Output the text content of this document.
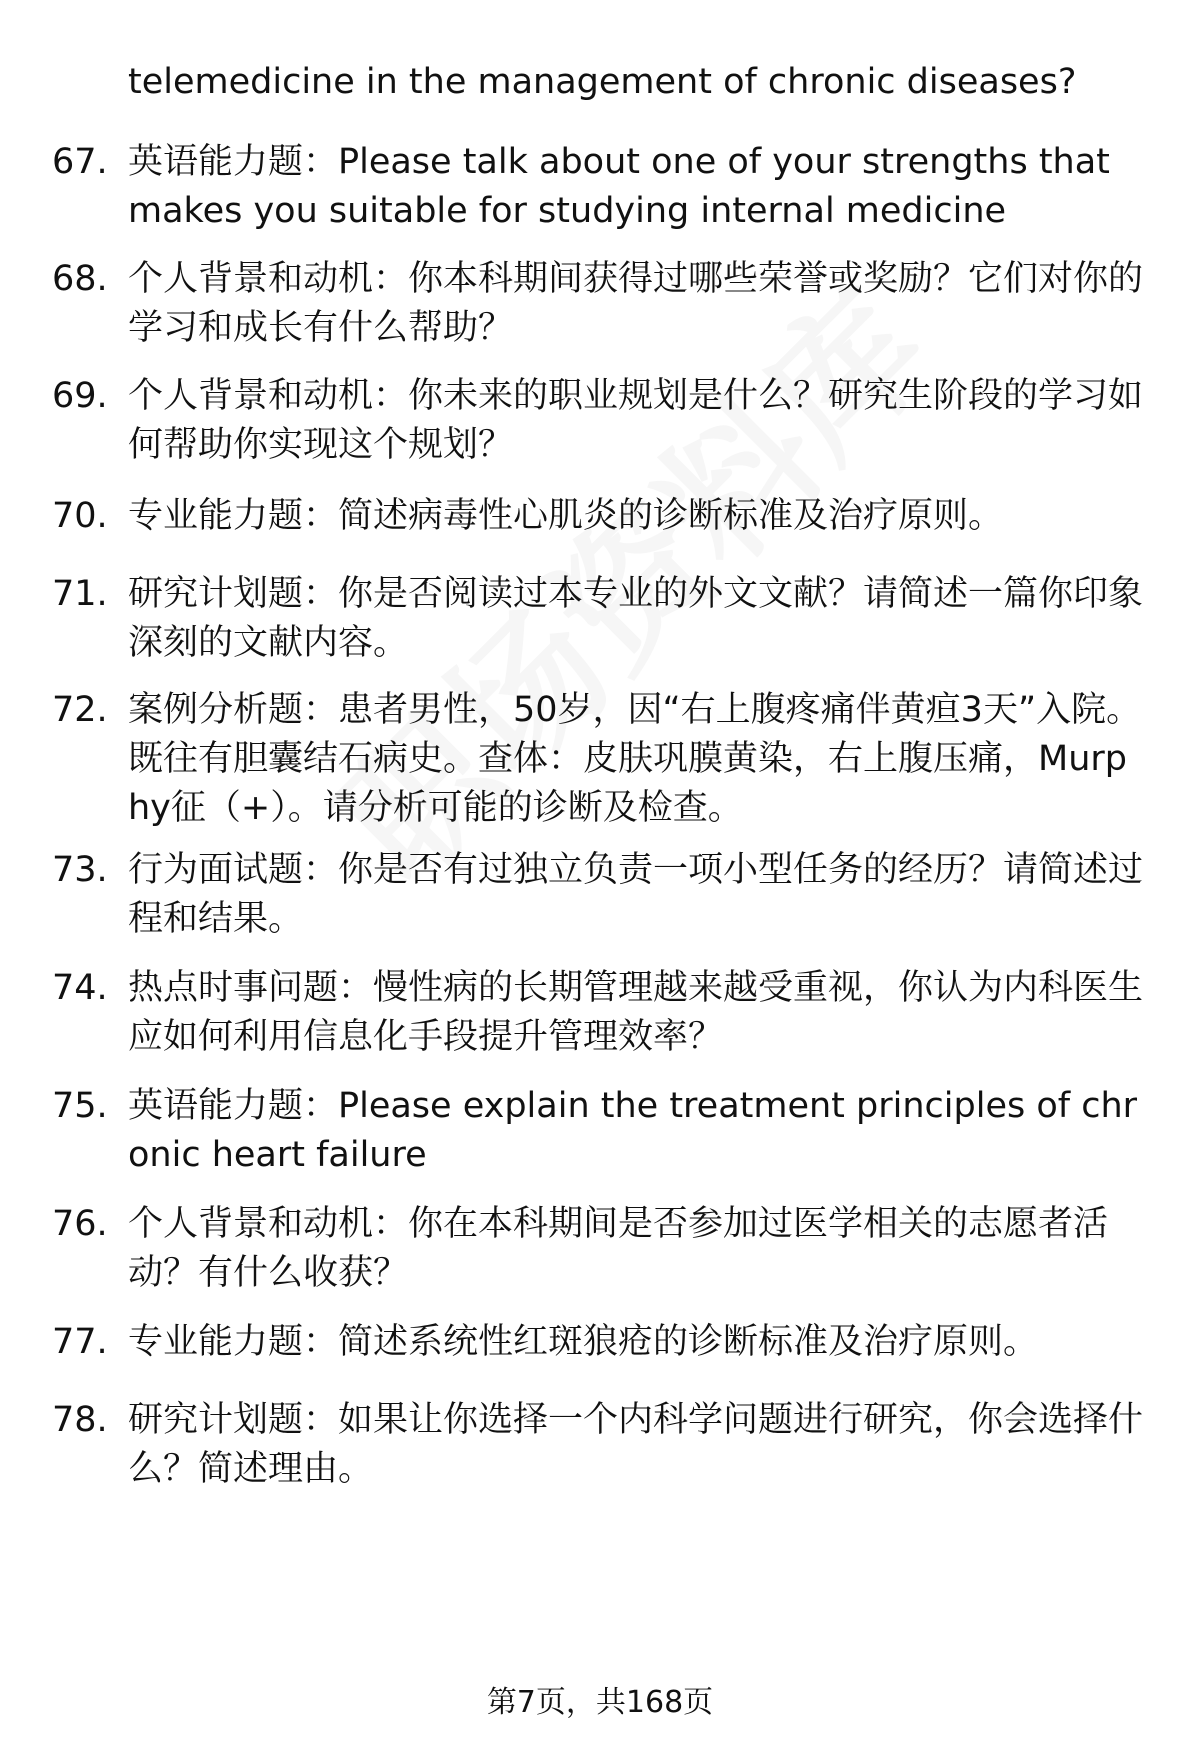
telemedicine in the management of chronic diseases?
67. 英语能力题：Please talk about one of your strengths that makes you suitable for studying internal medicine
68. 个人背景和动机：你本科期间获得过哪些荣誉或奖励？它们对你的学习和成长有什么帮助？
69. 个人背景和动机：你未来的职业规划是什么？研究生阶段的学习如何帮助你实现这个规划？
70. 专业能力题：简述病毒性心肌炎的诊断标准及治疗原则。
71. 研究计划题：你是否阅读过本专业的外文文献？请简述一篇你印象深刻的文献内容。
72. 案例分析题：患者男性，50岁，因“右上腹疼痛伴黄疸3天”入院。既往有胆囊结石病史。查体：皮肤巩膜黄染，右上腹压痛，Murphy征（+）。请分析可能的诊断及检查。
73. 行为面试题：你是否有过独立负责一项小型任务的经历？请简述过程和结果。
74. 热点时事问题：慢性病的长期管理越来越受重视，你认为内科医生应如何利用信息化手段提升管理效率？
75. 英语能力题：Please explain the treatment principles of chronic heart failure
76. 个人背景和动机：你在本科期间是否参加过医学相关的志愿者活动？有什么收获？
77. 专业能力题：简述系统性红斑狼疮的诊断标准及治疗原则。
78. 研究计划题：如果让你选择一个内科学问题进行研究，你会选择什么？简述理由。
第7页，共168页
